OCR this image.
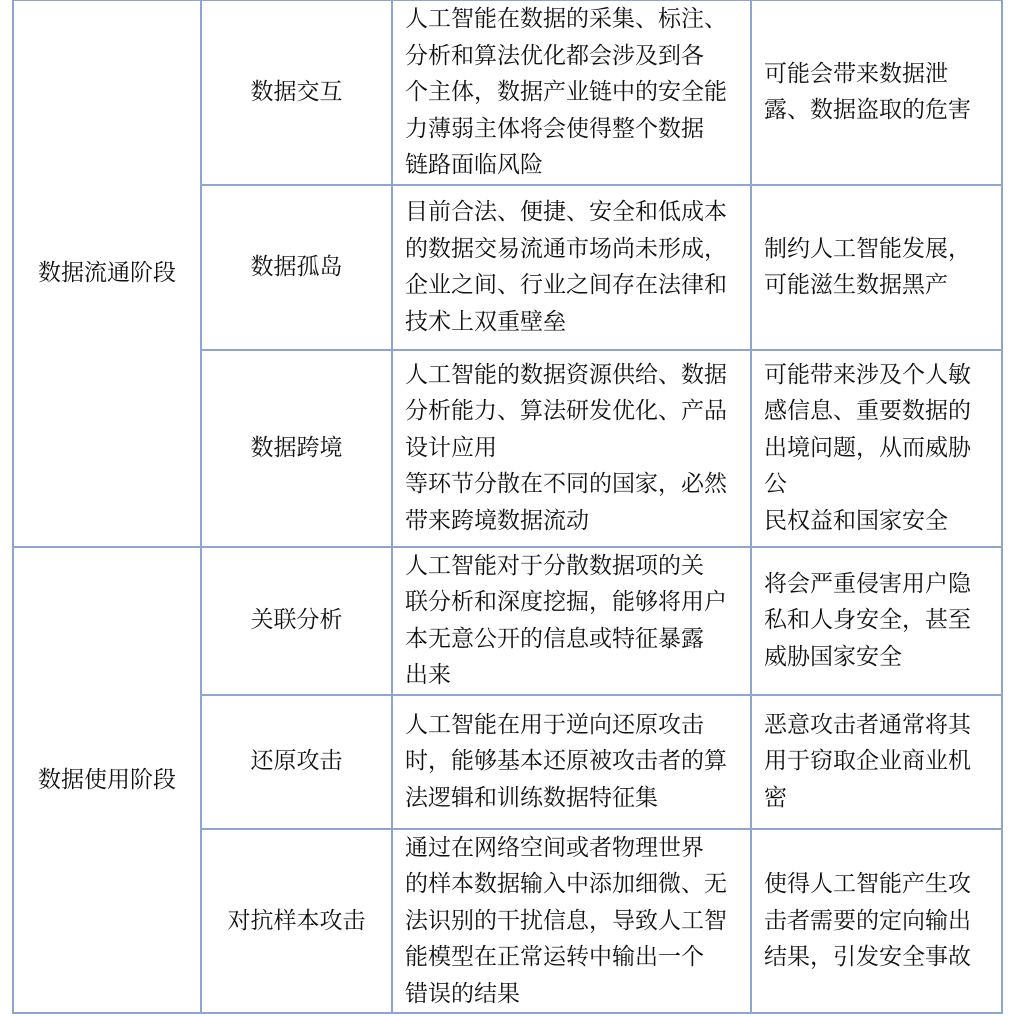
数据流通阶段	数据交互	人工智能在数据的采集、标注、
分析和算法优化都会涉及到各
个主体，数据产业链中的安全能
力薄弱主体将会使得整个数据
链路面临风险	可能会带来数据泄
露、数据盗取的危害

	数据孤岛	目前合法、便捷、安全和低成本
的数据交易流通市场尚未形成，
企业之间、行业之间存在法律和
技术上双重壁垒	制约人工智能发展，
可能滋生数据黑产

	数据跨境	人工智能的数据资源供给、数据
分析能力、算法研发优化、产品
设计应用
等环节分散在不同的国家，必然
带来跨境数据流动	可能带来涉及个人敏
感信息、重要数据的
出境问题，从而威胁
公
民权益和国家安全

数据使用阶段	关联分析	人工智能对于分散数据项的关
联分析和深度挖掘，能够将用户
本无意公开的信息或特征暴露
出来	将会严重侵害用户隐
私和人身安全，甚至
威胁国家安全

	还原攻击	人工智能在用于逆向还原攻击
时，能够基本还原被攻击者的算
法逻辑和训练数据特征集	恶意攻击者通常将其
用于窃取企业商业机
密

	对抗样本攻击	通过在网络空间或者物理世界
的样本数据输入中添加细微、无
法识别的干扰信息，导致人工智
能模型在正常运转中输出一个
错误的结果	使得人工智能产生攻
击者需要的定向输出
结果，引发安全事故
